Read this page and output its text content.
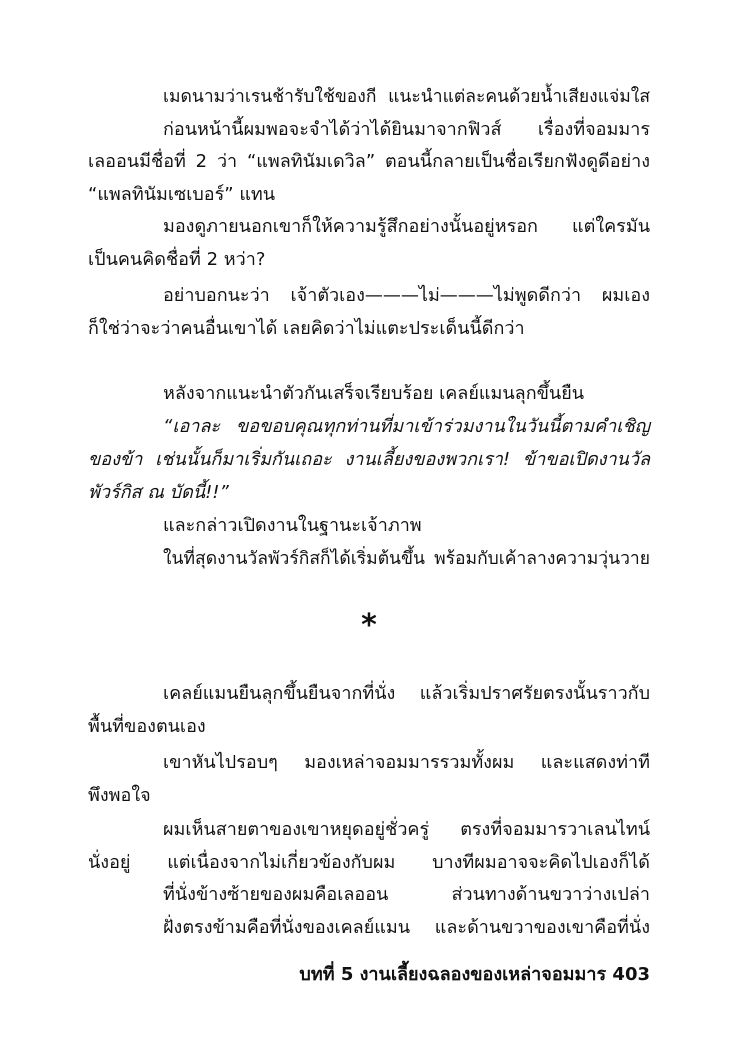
เมดนามว่าเรนช้ารับใช้ของกี แนะนำแต่ละคนด้วยน้ำเสียงแจ่มใส
ก่อนหน้านี้ผมพอจะจำได้ว่าได้ยินมาจากฟิวส์ เรื่องที่จอมมาร
เลออนมีชื่อที่ 2 ว่า “แพลทินัมเดวิล” ตอนนี้กลายเป็นชื่อเรียกฟังดูดีอย่าง
“แพลทินัมเซเบอร์” แทน
มองดูภายนอกเขาก็ให้ความรู้สึกอย่างนั้นอยู่หรอก แต่ใครมัน
เป็นคนคิดชื่อที่ 2 หว่า?
อย่าบอกนะว่า เจ้าตัวเอง———ไม่———ไม่พูดดีกว่า ผมเอง
ก็ใช่ว่าจะว่าคนอื่นเขาได้ เลยคิดว่าไม่แตะประเด็นนี้ดีกว่า
หลังจากแนะนำตัวกันเสร็จเรียบร้อย เคลย์แมนลุกขึ้นยืน
“เอาละ ขอขอบคุณทุกท่านที่มาเข้าร่วมงานในวันนี้ตามคำเชิญ
ของข้า เช่นนั้นก็มาเริ่มกันเถอะ งานเลี้ยงของพวกเรา! ข้าขอเปิดงานวัล
พัวร์กิส ณ บัดนี้!!”
และกล่าวเปิดงานในฐานะเจ้าภาพ
ในที่สุดงานวัลพัวร์กิสก็ได้เริ่มต้นขึ้น พร้อมกับเค้าลางความวุ่นวาย
*
เคลย์แมนยืนลุกขึ้นยืนจากที่นั่ง แล้วเริ่มปราศรัยตรงนั้นราวกับ
พื้นที่ของตนเอง
เขาหันไปรอบๆ มองเหล่าจอมมารรวมทั้งผม และแสดงท่าที
พึงพอใจ
ผมเห็นสายตาของเขาหยุดอยู่ชั่วครู่ ตรงที่จอมมารวาเลนไทน์
นั่งอยู่ แต่เนื่องจากไม่เกี่ยวข้องกับผม บางทีผมอาจจะคิดไปเองก็ได้
ที่นั่งข้างซ้ายของผมคือเลออน ส่วนทางด้านขวาว่างเปล่า
ฝั่งตรงข้ามคือที่นั่งของเคลย์แมน และด้านขวาของเขาคือที่นั่ง
บทที่ 5 งานเลี้ยงฉลองของเหล่าจอมมาร 403
